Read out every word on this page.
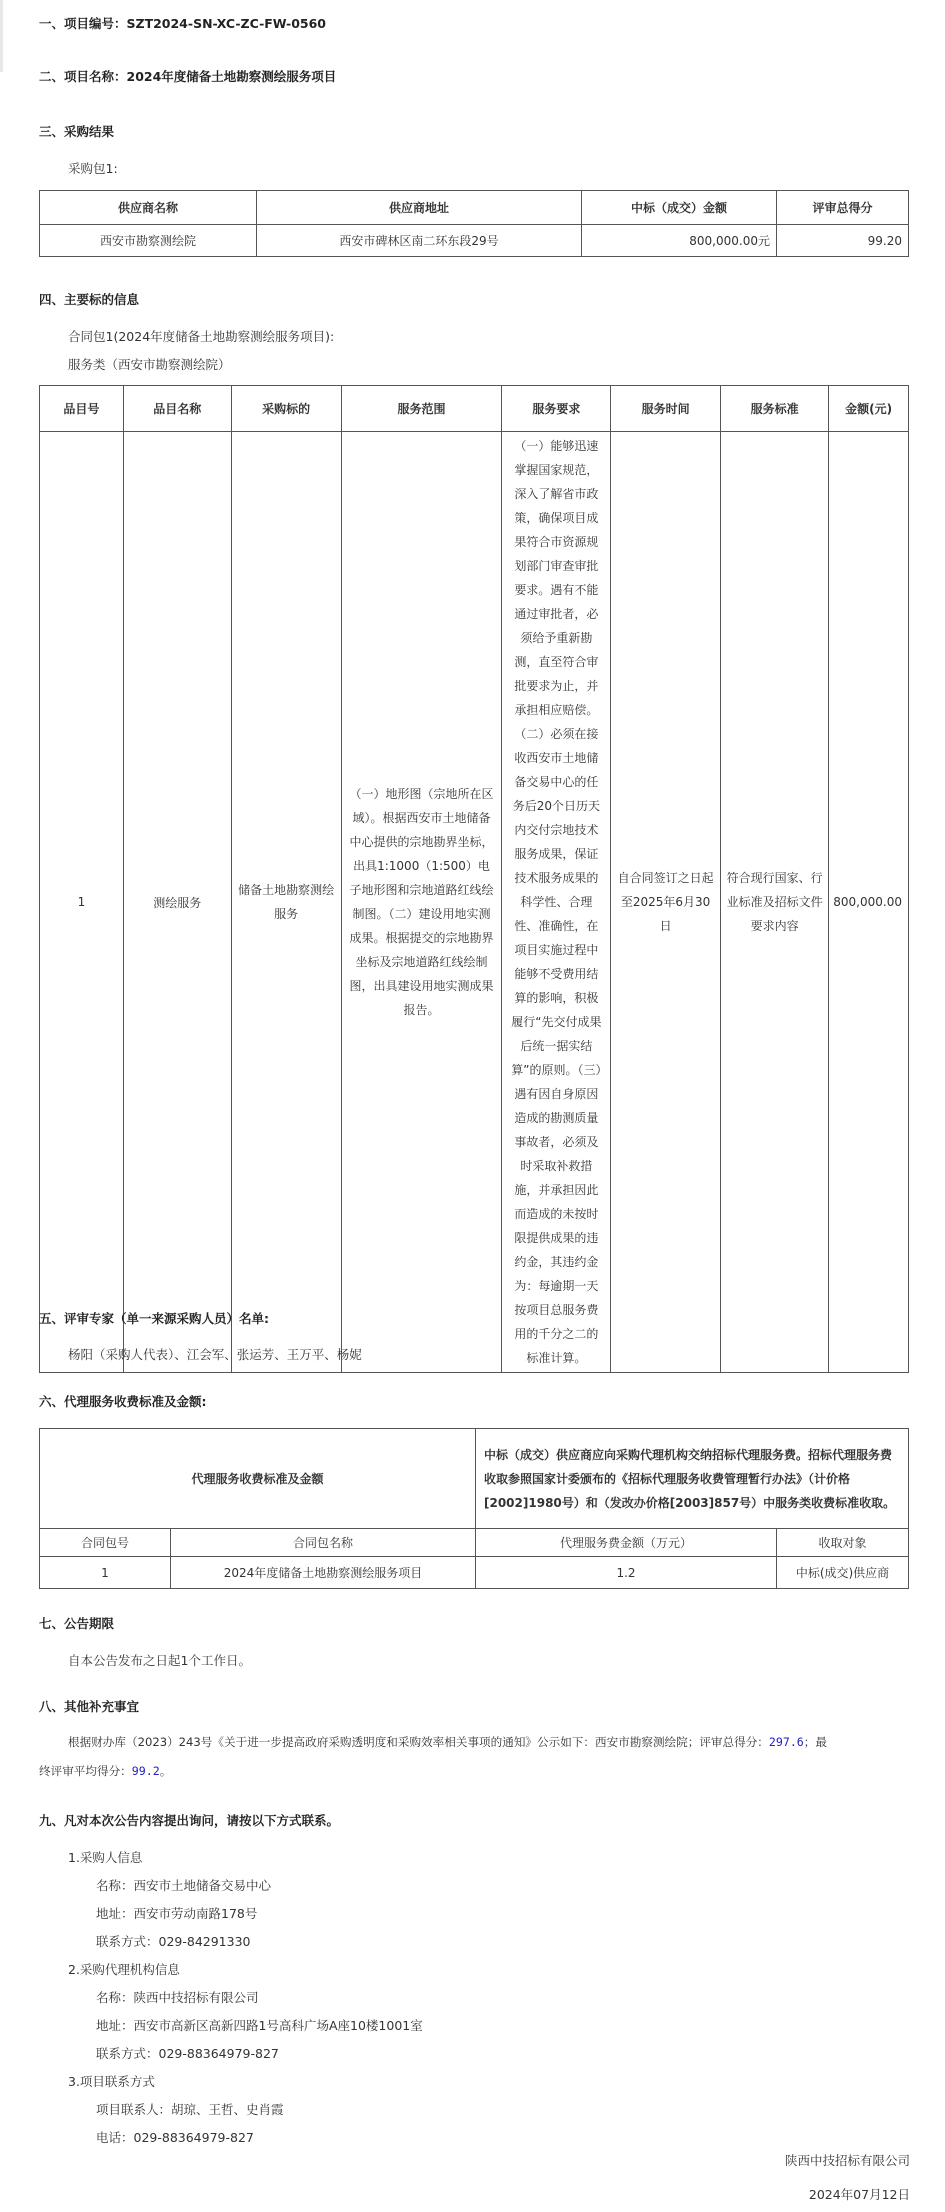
一、项目编号：SZT2024-SN-XC-ZC-FW-0560
二、项目名称：2024年度储备土地勘察测绘服务项目
三、采购结果
采购包1:
供应商名称	供应商地址	中标（成交）金额	评审总得分
西安市勘察测绘院	西安市碑林区南二环东段29号	800,000.00元	99.20
四、主要标的信息
合同包1(2024年度储备土地勘察测绘服务项目):
服务类（西安市勘察测绘院）
品目号	品目名称	采购标的	服务范围	服务要求	服务时间	服务标准	金额(元)
1	测绘服务	储备土地勘察测绘服务	（一）地形图（宗地所在区域）。根据西安市土地储备中心提供的宗地勘界坐标，出具1:1000（1:500）电子地形图和宗地道路红线绘制图。（二）建设用地实测成果。根据提交的宗地勘界坐标及宗地道路红线绘制图，出具建设用地实测成果报告。	（一）能够迅速掌握国家规范，深入了解省市政策，确保项目成果符合市资源规划部门审查审批要求。遇有不能通过审批者，必须给予重新勘测，直至符合审批要求为止，并承担相应赔偿。（二）必须在接收西安市土地储备交易中心的任务后20个日历天内交付宗地技术服务成果，保证技术服务成果的科学性、合理性、准确性，在项目实施过程中能够不受费用结算的影响，积极履行“先交付成果后统一据实结算”的原则。（三）遇有因自身原因造成的勘测质量事故者，必须及时采取补救措施，并承担因此而造成的未按时限提供成果的违约金，其违约金为：每逾期一天按项目总服务费用的千分之二的标准计算。	自合同签订之日起至2025年6月30日	符合现行国家、行业标准及招标文件要求内容	800,000.00
五、评审专家（单一来源采购人员）名单:
杨阳（采购人代表）、江会军、张运芳、王万平、杨妮
六、代理服务收费标准及金额:
代理服务收费标准及金额		中标（成交）供应商应向采购代理机构交纳招标代理服务费。招标代理服务费收取参照国家计委颁布的《招标代理服务收费管理暂行办法》（计价格[2002]1980号）和（发改办价格[2003]857号）中服务类收费标准收取。	
合同包号	合同包名称	代理服务费金额（万元）	收取对象
1	2024年度储备土地勘察测绘服务项目	1.2	中标(成交)供应商
七、公告期限
自本公告发布之日起1个工作日。
八、其他补充事宜
根据财办库（2023）243号《关于进一步提高政府采购透明度和采购效率相关事项的通知》公示如下：西安市勘察测绘院；评审总得分：297.6；最
终评审平均得分：99.2。
九、凡对本次公告内容提出询问，请按以下方式联系。
1.采购人信息
名称：西安市土地储备交易中心
地址：西安市劳动南路178号
联系方式：029-84291330
2.采购代理机构信息
名称：陕西中技招标有限公司
地址：西安市高新区高新四路1号高科广场A座10楼1001室
联系方式：029-88364979-827
3.项目联系方式
项目联系人：胡琼、王哲、史肖霞
电话：029-88364979-827
陕西中技招标有限公司
2024年07月12日
